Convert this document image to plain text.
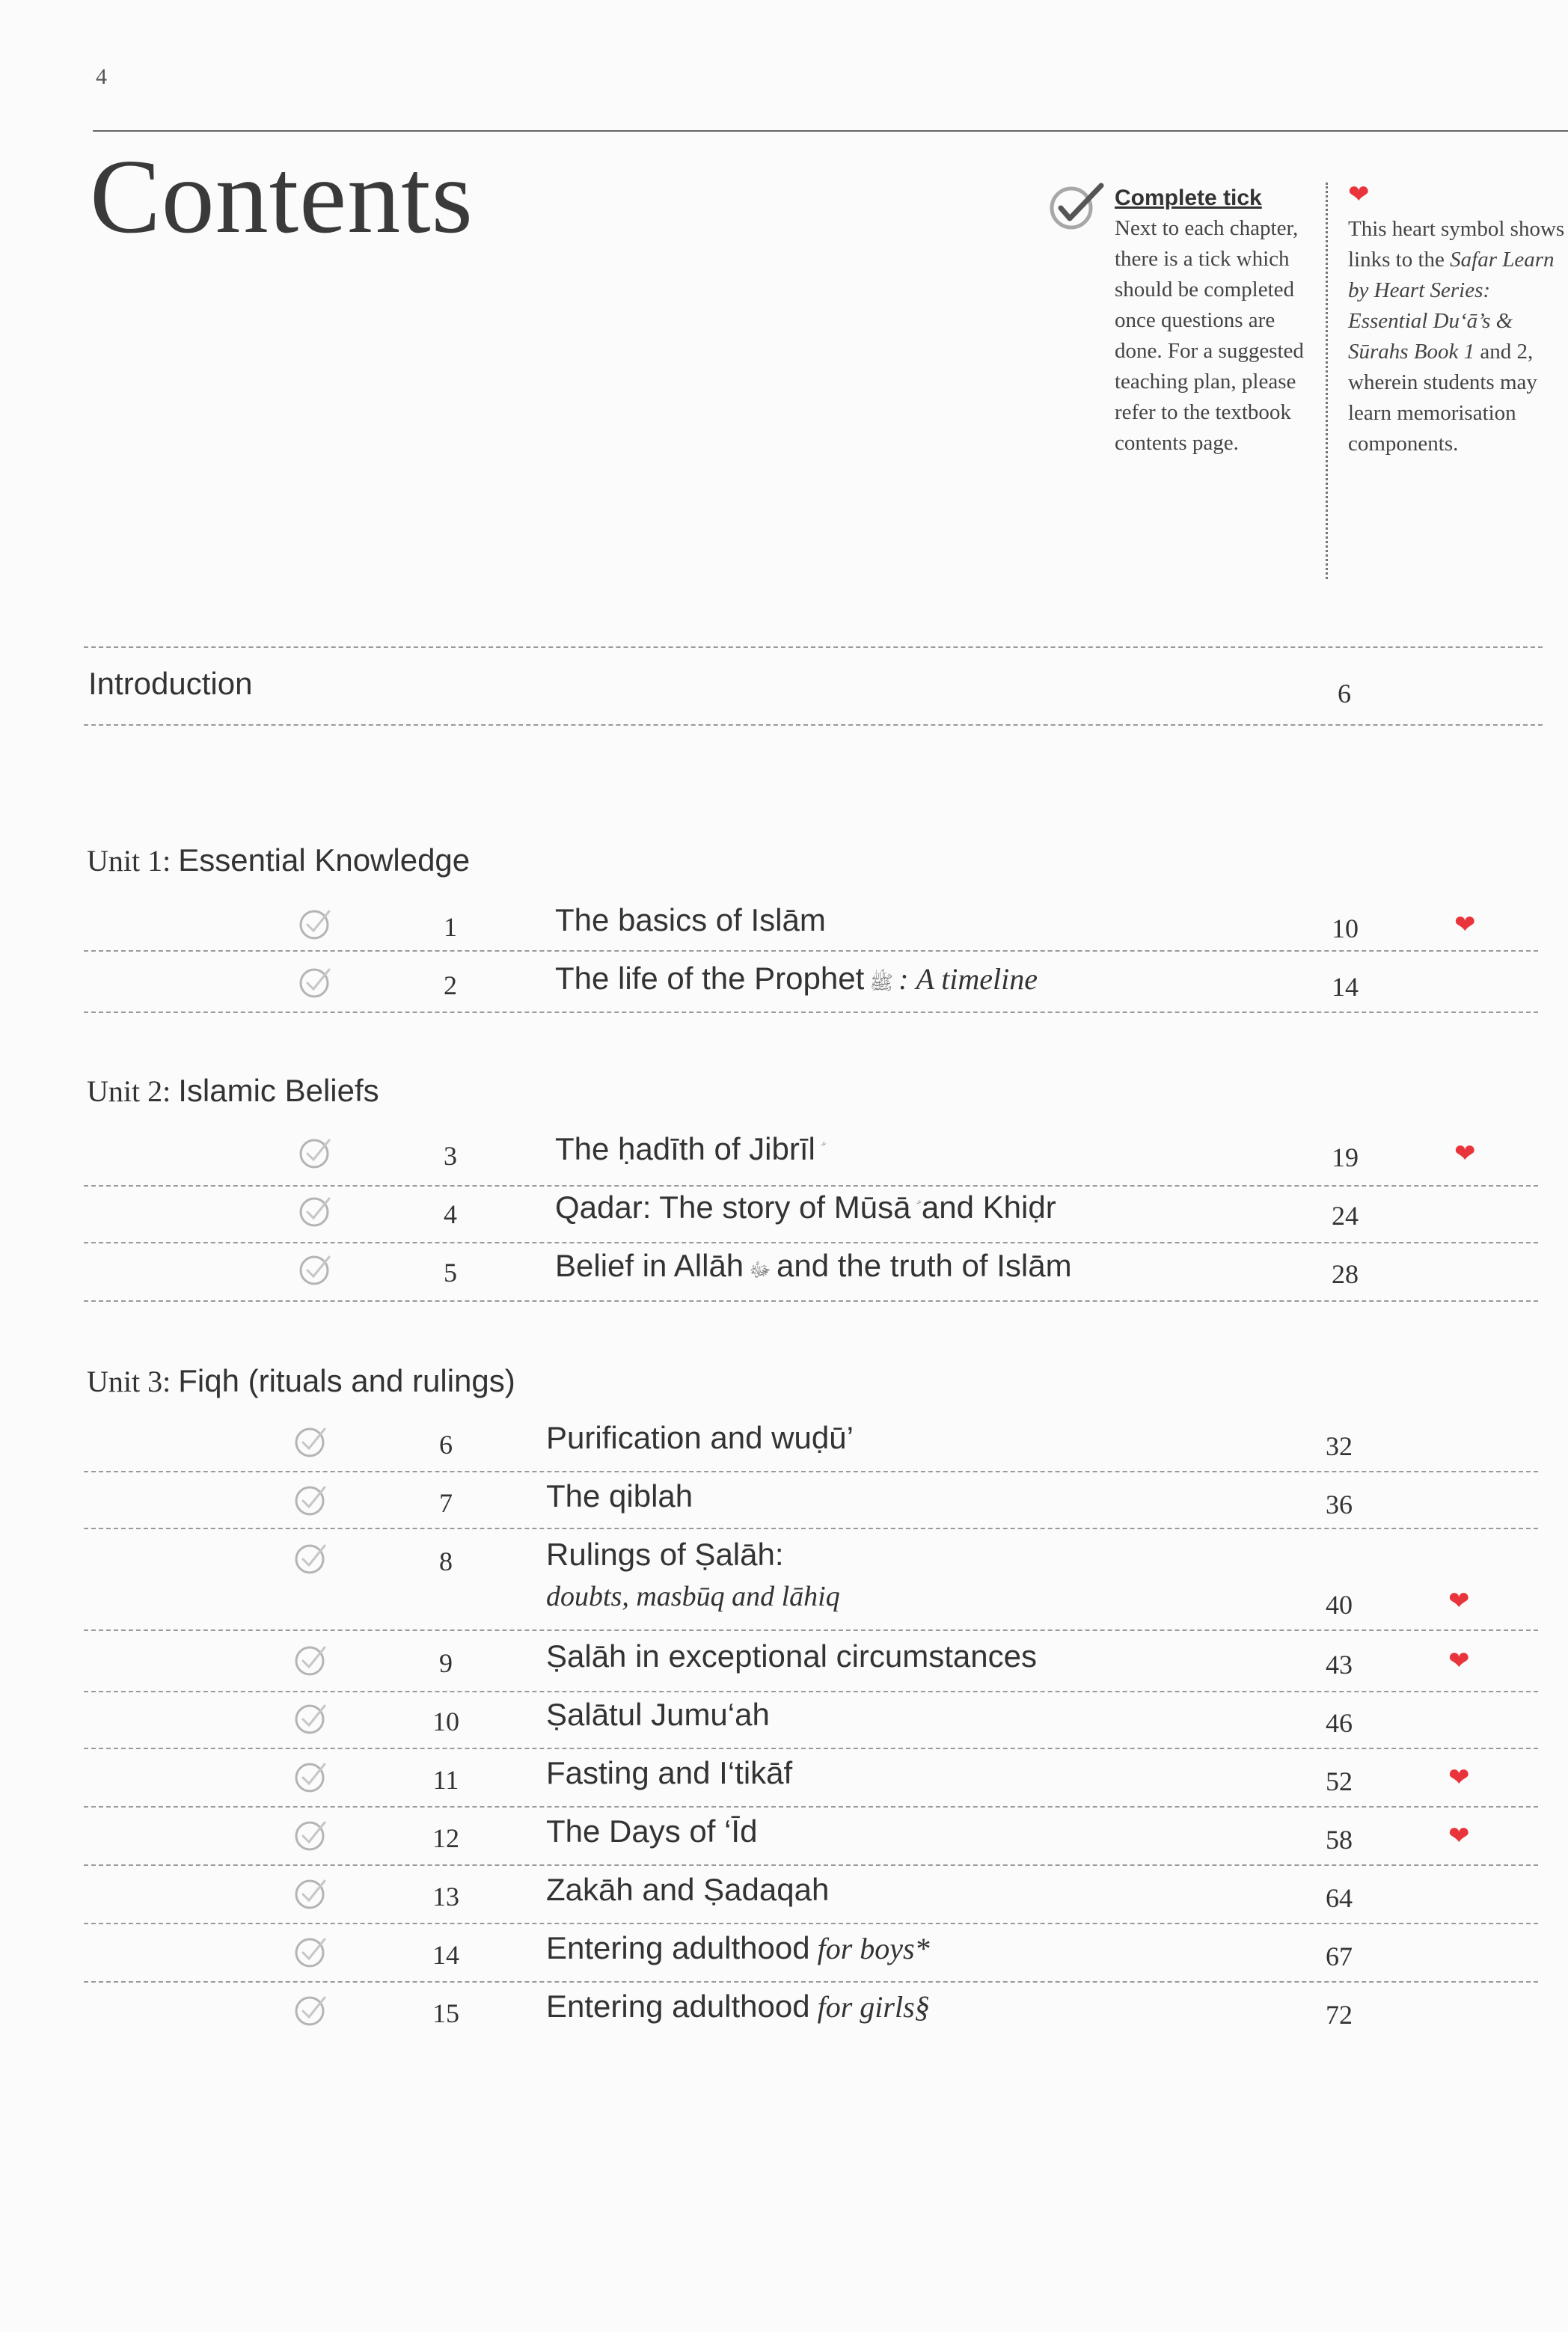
4
Contents	Complete tick
Next to each chapter, there is a tick which should be completed once questions are done. For a suggested teaching plan, please refer to the textbook contents page.
❤
This heart symbol shows links to the Safar Learn by Heart Series: Essential Du‘ā’s & Sūrahs Book 1 and 2, wherein students may learn memorisation components.
Introduction	6
Unit 1: Essential Knowledge
Unit 2: Islamic Beliefs
Unit 3: Fiqh (rituals and rulings)
1	The basics of Islām	10	❤
2	The life of the Prophet ﷺ : A timeline	14
3	The ḥadīth of Jibrīl ؑ	19	❤
4	Qadar: The story of Mūsā ؑ and Khiḍr	24
5	Belief in Allāh ﷻ and the truth of Islām	28
6	Purification and wuḍū’	32
7	The qiblah	36
8	Rulings of Ṣalāh:
doubts, masbūq and lāhiq	40	❤
9	Ṣalāh in exceptional circumstances	43	❤
10	Ṣalātul Jumu‘ah	46
11	Fasting and I‘tikāf	52	❤
12	The Days of ‘Īd	58	❤
13	Zakāh and Ṣadaqah	64
14	Entering adulthood for boys*	67
15	Entering adulthood for girls§	72
